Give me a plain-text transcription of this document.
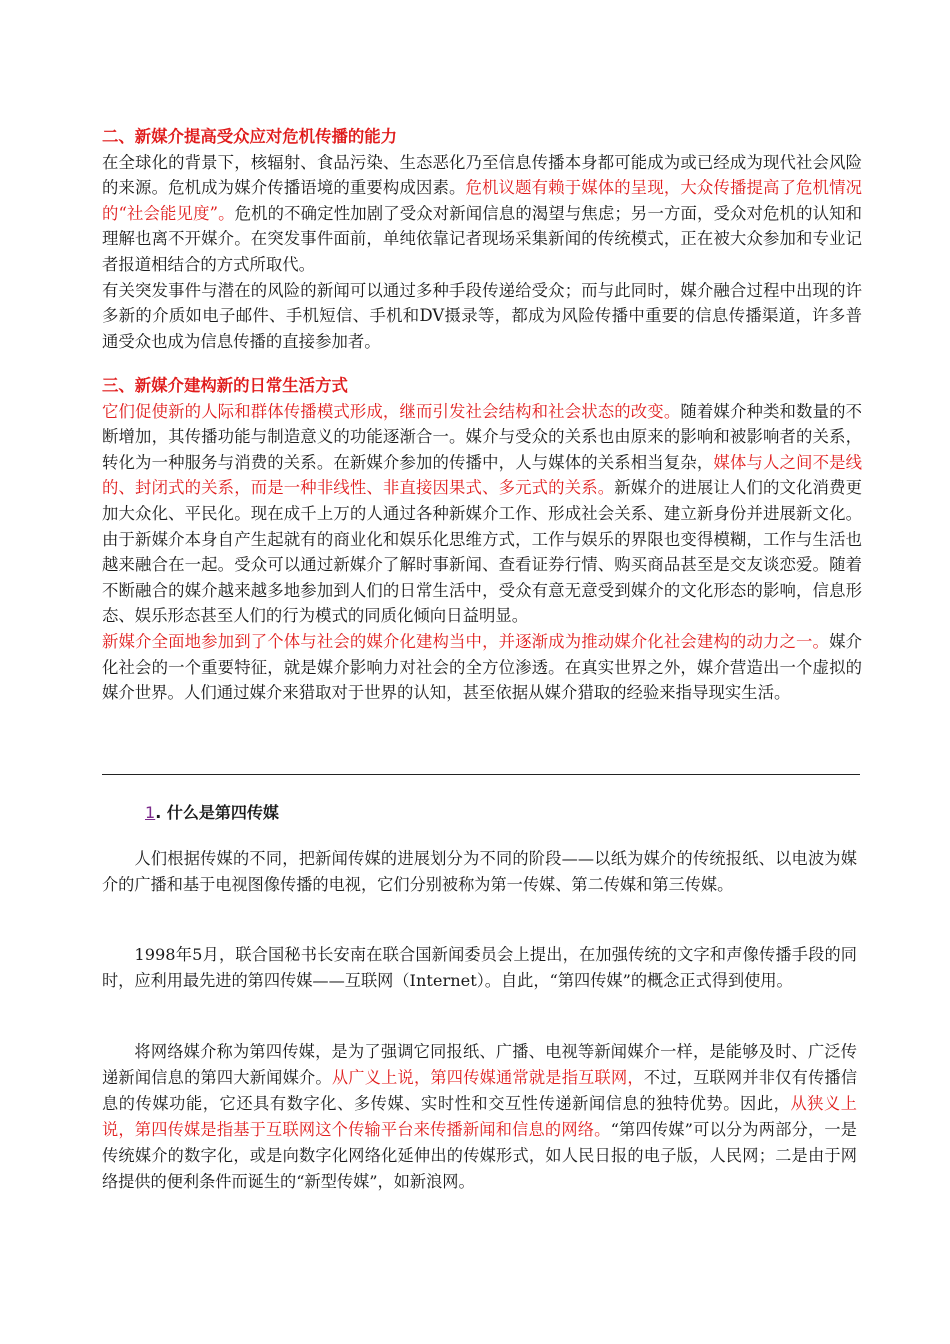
二、新媒介提高受众应对危机传播的能力
在全球化的背景下，核辐射、食品污染、生态恶化乃至信息传播本身都可能成为或已经成为现代社会风险的来源。危机成为媒介传播语境的重要构成因素。危机议题有赖于媒体的呈现，大众传播提高了危机情况的“社会能见度”。危机的不确定性加剧了受众对新闻信息的渴望与焦虑；另一方面，受众对危机的认知和理解也离不开媒介。在突发事件面前，单纯依靠记者现场采集新闻的传统模式，正在被大众参加和专业记者报道相结合的方式所取代。
有关突发事件与潜在的风险的新闻可以通过多种手段传递给受众；而与此同时，媒介融合过程中出现的许多新的介质如电子邮件、手机短信、手机和DV摄录等，都成为风险传播中重要的信息传播渠道，许多普通受众也成为信息传播的直接参加者。
三、新媒介建构新的日常生活方式
它们促使新的人际和群体传播模式形成，继而引发社会结构和社会状态的改变。随着媒介种类和数量的不断增加，其传播功能与制造意义的功能逐渐合一。媒介与受众的关系也由原来的影响和被影响者的关系，转化为一种服务与消费的关系。在新媒介参加的传播中，人与媒体的关系相当复杂，媒体与人之间不是线的、封闭式的关系，而是一种非线性、非直接因果式、多元式的关系。新媒介的进展让人们的文化消费更加大众化、平民化。现在成千上万的人通过各种新媒介工作、形成社会关系、建立新身份并进展新文化。由于新媒介本身自产生起就有的商业化和娱乐化思维方式，工作与娱乐的界限也变得模糊，工作与生活也越来融合在一起。受众可以通过新媒介了解时事新闻、查看证券行情、购买商品甚至是交友谈恋爱。随着不断融合的媒介越来越多地参加到人们的日常生活中，受众有意无意受到媒介的文化形态的影响，信息形态、娱乐形态甚至人们的行为模式的同质化倾向日益明显。
新媒介全面地参加到了个体与社会的媒介化建构当中，并逐渐成为推动媒介化社会建构的动力之一。媒介化社会的一个重要特征，就是媒介影响力对社会的全方位渗透。在真实世界之外，媒介营造出一个虚拟的媒介世界。人们通过媒介来猎取对于世界的认知，甚至依据从媒介猎取的经验来指导现实生活。
1. 什么是第四传媒
人们根据传媒的不同，把新闻传媒的进展划分为不同的阶段——以纸为媒介的传统报纸、以电波为媒介的广播和基于电视图像传播的电视，它们分别被称为第一传媒、第二传媒和第三传媒。
1998年5月，联合国秘书长安南在联合国新闻委员会上提出，在加强传统的文字和声像传播手段的同时，应利用最先进的第四传媒——互联网（Internet）。自此，“第四传媒”的概念正式得到使用。
将网络媒介称为第四传媒，是为了强调它同报纸、广播、电视等新闻媒介一样，是能够及时、广泛传递新闻信息的第四大新闻媒介。从广义上说，第四传媒通常就是指互联网，不过，互联网并非仅有传播信息的传媒功能，它还具有数字化、多传媒、实时性和交互性传递新闻信息的独特优势。因此，从狭义上说，第四传媒是指基于互联网这个传输平台来传播新闻和信息的网络。“第四传媒”可以分为两部分，一是传统媒介的数字化，或是向数字化网络化延伸出的传媒形式，如人民日报的电子版，人民网；二是由于网络提供的便利条件而诞生的“新型传媒”，如新浪网。
